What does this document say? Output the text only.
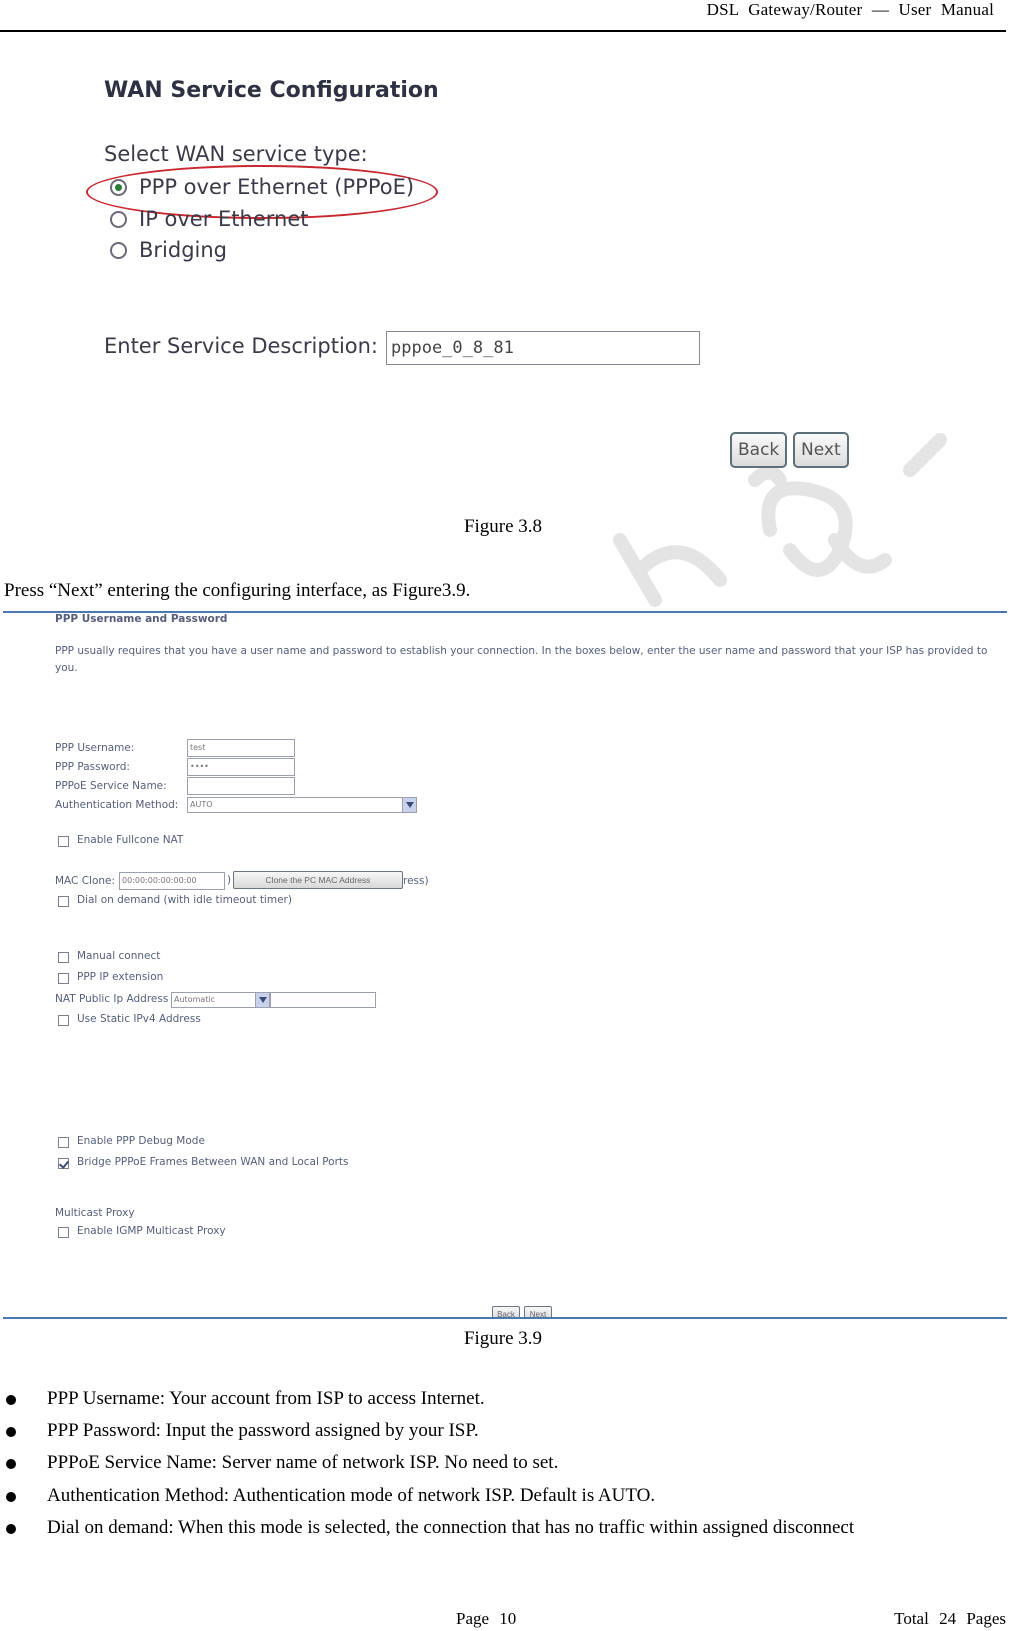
DSL Gateway/Router — User Manual
WAN Service Configuration
Select WAN service type:
PPP over Ethernet (PPPoE)
IP over Ethernet
Bridging
Enter Service Description: pppoe_0_8_81
Back	Next
Figure 3.8
Press “Next” entering the configuring interface, as Figure3.9.
PPP Username and Password
PPP usually requires that you have a user name and password to establish your connection. In the boxes below, enter the user name and password that your ISP has provided to
you.
PPP Username:	test
PPP Password:	••••
PPPoE Service Name:
Authentication Method:	AUTO
Enable Fullcone NAT
MAC Clone: 00:00:00:00:00:00	)	Clone the PC MAC Address	ress)
Dial on demand (with idle timeout timer)
Manual connect
PPP IP extension
NAT Public Ip Address Automatic
Use Static IPv4 Address
Enable PPP Debug Mode
Bridge PPPoE Frames Between WAN and Local Ports
Multicast Proxy
Enable IGMP Multicast Proxy
Back	Next
Figure 3.9
PPP Username: Your account from ISP to access Internet.
PPP Password: Input the password assigned by your ISP.
PPPoE Service Name: Server name of network ISP. No need to set.
Authentication Method: Authentication mode of network ISP. Default is AUTO.
Dial on demand: When this mode is selected, the connection that has no traffic within assigned disconnect
Page 10	Total 24 Pages
